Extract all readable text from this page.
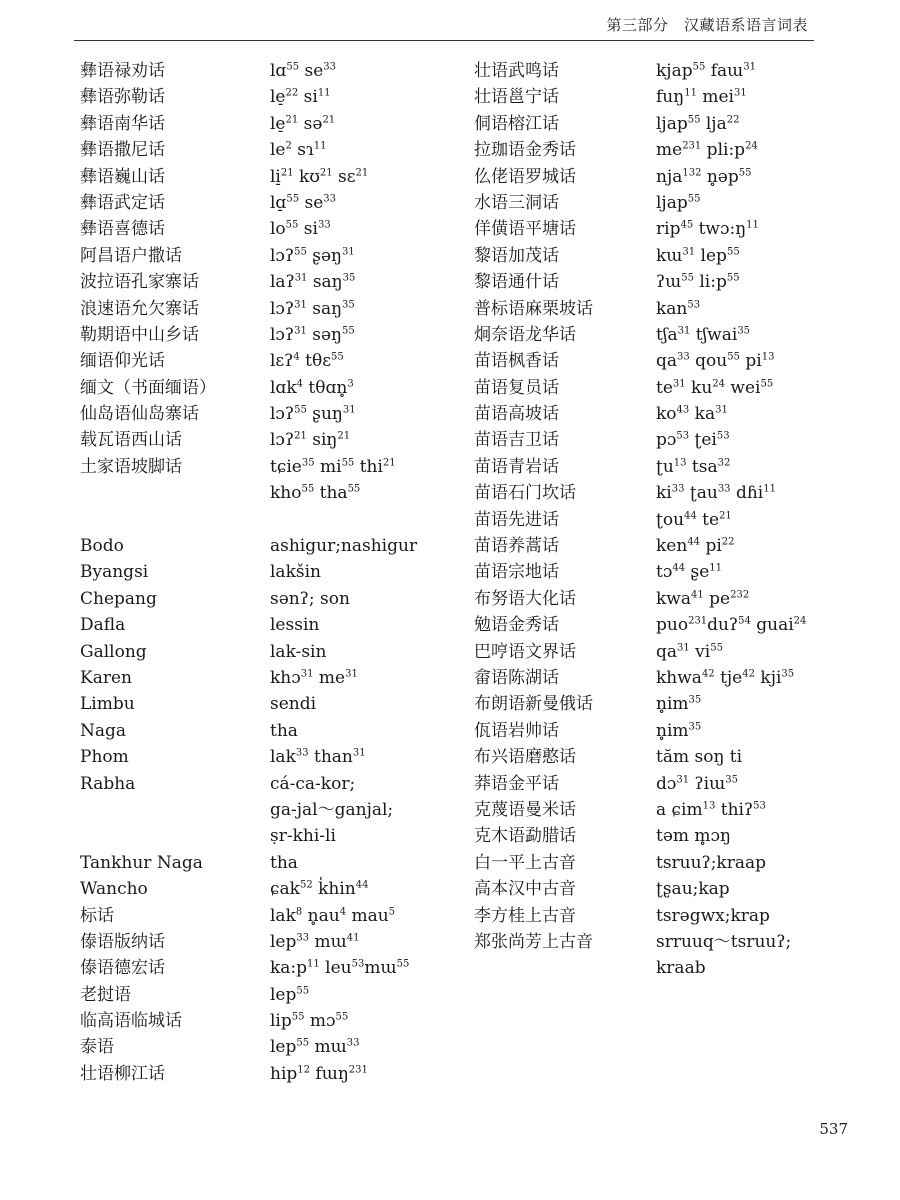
第三部分　汉藏语系语言词表
彝语禄劝话
彝语弥勒话
彝语南华话
彝语撒尼话
彝语巍山话
彝语武定话
彝语喜德话
阿昌语户撒话
波拉语孔家寨话
浪速语允欠寨话
勒期语中山乡话
缅语仰光话
缅文（书面缅语）
仙岛语仙岛寨话
载瓦语西山话
土家语坡脚话
Bodo
Byangsi
Chepang
Dafla
Gallong
Karen
Limbu
Naga
Phom
Rabha
Tankhur Naga
Wancho
标话
傣语版纳话
傣语德宏话
老挝语
临高语临城话
泰语
壮语柳江话
lɑ$^{55}$ $se^{33}$
le̠$^{22}$ $si^{11}$
le̠$^{21}$ sə$^{21}$
$le^2$ sɿ$^{11}$
li̠$^{21}$ kʊ$^{21}$ sɛ$^{21}$
lɑ̠$^{55}$ $se^{33}$
$lo^{55}$ $si^{33}$
lɔʔ$^{55}$ ʂəŋ$^{31}$
laʔ$^{31}$ saŋ$^{35}$
lɔʔ$^{31}$ saŋ$^{35}$
lɔʔ$^{31}$ səŋ$^{55}$
lɛʔ$^4$ tθɛ$^{55}$
lɑk$^4$ tθɑn̥$^3$
lɔʔ$^{55}$ ʂuŋ$^{31}$
lɔʔ$^{21}$ siŋ$^{21}$
tɕie$^{35}$ $mi^{55}$ thi$^{21}$
kho$^{55}$ tha$^{55}$
ashigur;nashigur
lakšin
sənʔ; son
lessin
lak-sin
khɔ$^{31}$ $me^{31}$
sendi
tha
lak$^{33}$ than$^{31}$
cá-ca-kor;
ga-jal～ganjal;
ṣr-khi-li
tha
ɕak$^{52}$ k̍hin$^{44}$
lak$^8$ $n̥au^4$ mau$^5$
lep$^{33}$ mɯ$^{41}$
$ka:p^{11}$ leu$^{53}$mɯ$^{55}$
lep$^{55}$
lip$^{55}$ mɔ$^{55}$
lep$^{55}$ mɯ$^{33}$
hip$^{12}$ fɯŋ$^{231}$
壮语武鸣话
壮语邕宁话
侗语榕江话
拉珈语金秀话
仫佬语罗城话
水语三洞话
佯僙语平塘话
黎语加茂话
黎语通什话
普标语麻栗坡话
炯奈语龙华话
苗语枫香话
苗语复员话
苗语高坡话
苗语吉卫话
苗语青岩话
苗语石门坎话
苗语先进话
苗语养蒿话
苗语宗地话
布努语大化话
勉语金秀话
巴哼语文界话
畲语陈湖话
布朗语新曼俄话
佤语岩帅话
布兴语磨憨话
莽语金平话
克蔑语曼米话
克木语勐腊话
白一平上古音
高本汉中古音
李方桂上古音
郑张尚芳上古音
kjap$^{55}$ faɯ$^{31}$
fuŋ$^{11}$ mei$^{31}$
ljap$^{55}$ lja$^{22}$
$me^{231}$ $pli:p^{24}$
nja$^{132}$ n̥əp$^{55}$
ljap$^{55}$
rip$^{45}$ $twɔ:ŋ^{11}$
kɯ$^{31}$ lep$^{55}$
ʔɯ$^{55}$ $li:p^{55}$
kan$^{53}$
tʃa$^{31}$ tʃwai$^{35}$
$qa^{33}$ qou$^{55}$ $pi^{13}$
$te^{31}$ $ku^{24}$ wei$^{55}$
$ko^{43}$ $ka^{31}$
pɔ$^{53}$ ʈei$^{53}$
ʈu$^{13}$ tsa$^{32}$
$ki^{33}$ ʈau$^{33}$ dɦi$^{11}$
ʈou$^{44}$ $te^{21}$
ken$^{44}$ $pi^{22}$
tɔ$^{44}$ ʂe$^{11}$
kwa$^{41}$ $pe^{232}$
puo$^{231}$duʔ$^{54}$ guai$^{24}$
$qa^{31}$ $vi^{55}$
khwa$^{42}$ tje$^{42}$ kji$^{35}$
$n̥im^{35}$
$n̥im^{35}$
tăm soŋ ti
dɔ$^{31}$ ʔiɯ$^{35}$
a ɕim$^{13}$ thiʔ$^{53}$
təm m̥ɔŋ
tsruuʔ;kraap
ʈʂau;kap
tsrəgwx;krap
srruuq～tsruuʔ;
kraab
537
